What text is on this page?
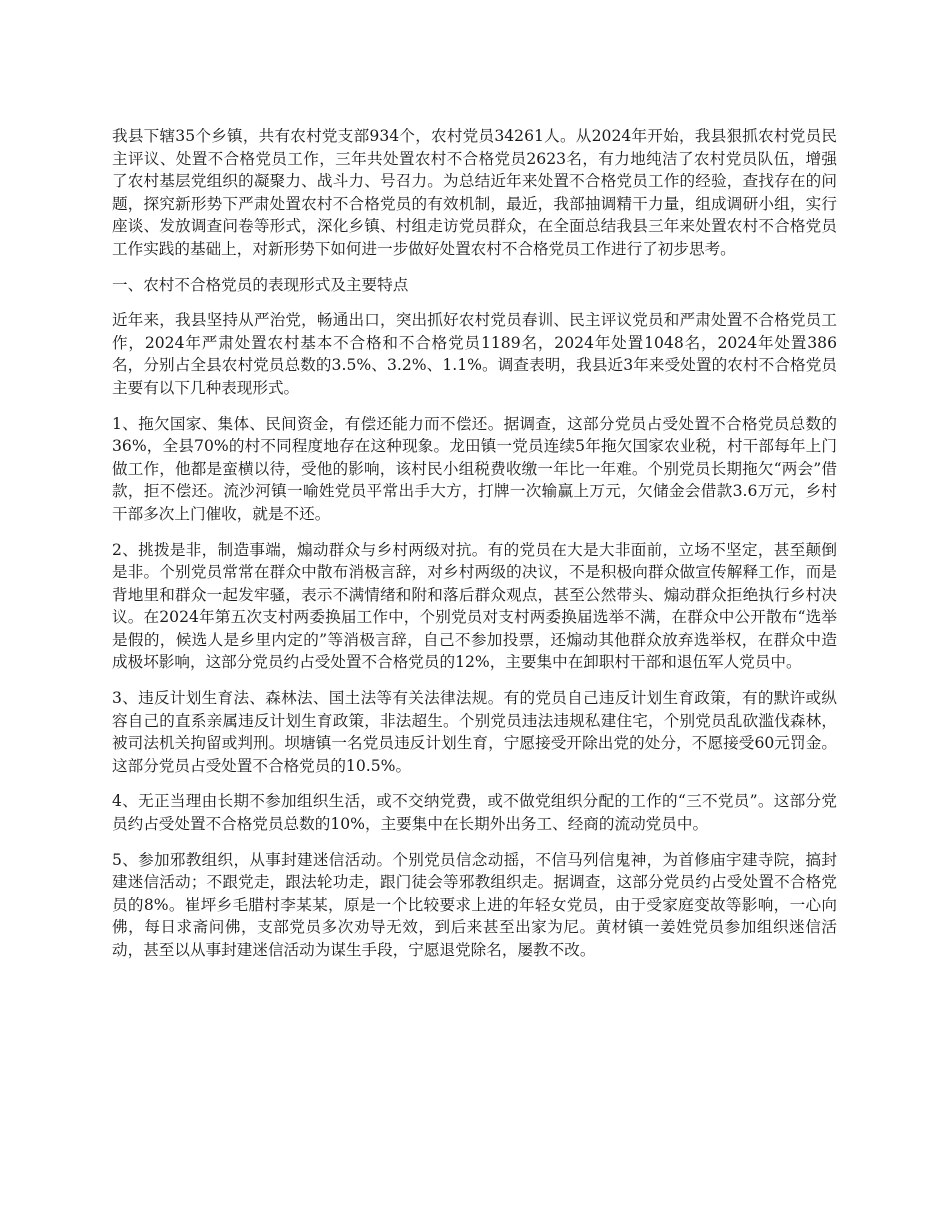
我县下辖35个乡镇，共有农村党支部934个，农村党员34261人。从2024年开始，我县狠抓农村党员民主评议、处置不合格党员工作，三年共处置农村不合格党员2623名，有力地纯洁了农村党员队伍，增强了农村基层党组织的凝聚力、战斗力、号召力。为总结近年来处置不合格党员工作的经验，查找存在的问题，探究新形势下严肃处置农村不合格党员的有效机制，最近，我部抽调精干力量，组成调研小组，实行座谈、发放调查问卷等形式，深化乡镇、村组走访党员群众，在全面总结我县三年来处置农村不合格党员工作实践的基础上，对新形势下如何进一步做好处置农村不合格党员工作进行了初步思考。

一、农村不合格党员的表现形式及主要特点

近年来，我县坚持从严治党，畅通出口，突出抓好农村党员春训、民主评议党员和严肃处置不合格党员工作，2024年严肃处置农村基本不合格和不合格党员1189名，2024年处置1048名，2024年处置386名，分别占全县农村党员总数的3.5%、3.2%、1.1%。调查表明，我县近3年来受处置的农村不合格党员主要有以下几种表现形式。

1、拖欠国家、集体、民间资金，有偿还能力而不偿还。据调查，这部分党员占受处置不合格党员总数的36%，全县70%的村不同程度地存在这种现象。龙田镇一党员连续5年拖欠国家农业税，村干部每年上门做工作，他都是蛮横以待，受他的影响，该村民小组税费收缴一年比一年难。个别党员长期拖欠“两会”借款，拒不偿还。流沙河镇一喻姓党员平常出手大方，打牌一次输赢上万元，欠储金会借款3.6万元，乡村干部多次上门催收，就是不还。

2、挑拨是非，制造事端，煽动群众与乡村两级对抗。有的党员在大是大非面前，立场不坚定，甚至颠倒是非。个别党员常常在群众中散布消极言辞，对乡村两级的决议，不是积极向群众做宣传解释工作，而是背地里和群众一起发牢骚，表示不满情绪和附和落后群众观点，甚至公然带头、煽动群众拒绝执行乡村决议。在2024年第五次支村两委换届工作中，个别党员对支村两委换届选举不满，在群众中公开散布“选举是假的，候选人是乡里内定的”等消极言辞，自己不参加投票，还煽动其他群众放弃选举权，在群众中造成极坏影响，这部分党员约占受处置不合格党员的12%，主要集中在卸职村干部和退伍军人党员中。

3、违反计划生育法、森林法、国土法等有关法律法规。有的党员自己违反计划生育政策，有的默许或纵容自己的直系亲属违反计划生育政策，非法超生。个别党员违法违规私建住宅，个别党员乱砍滥伐森林，被司法机关拘留或判刑。坝塘镇一名党员违反计划生育，宁愿接受开除出党的处分，不愿接受60元罚金。这部分党员占受处置不合格党员的10.5%。

4、无正当理由长期不参加组织生活，或不交纳党费，或不做党组织分配的工作的“三不党员”。这部分党员约占受处置不合格党员总数的10%，主要集中在长期外出务工、经商的流动党员中。

5、参加邪教组织，从事封建迷信活动。个别党员信念动摇，不信马列信鬼神，为首修庙宇建寺院，搞封建迷信活动；不跟党走，跟法轮功走，跟门徒会等邪教组织走。据调查，这部分党员约占受处置不合格党员的8%。崔坪乡毛腊村李某某，原是一个比较要求上进的年轻女党员，由于受家庭变故等影响，一心向佛，每日求斋问佛，支部党员多次劝导无效，到后来甚至出家为尼。黄材镇一姜姓党员参加组织迷信活动，甚至以从事封建迷信活动为谋生手段，宁愿退党除名，屡教不改。
